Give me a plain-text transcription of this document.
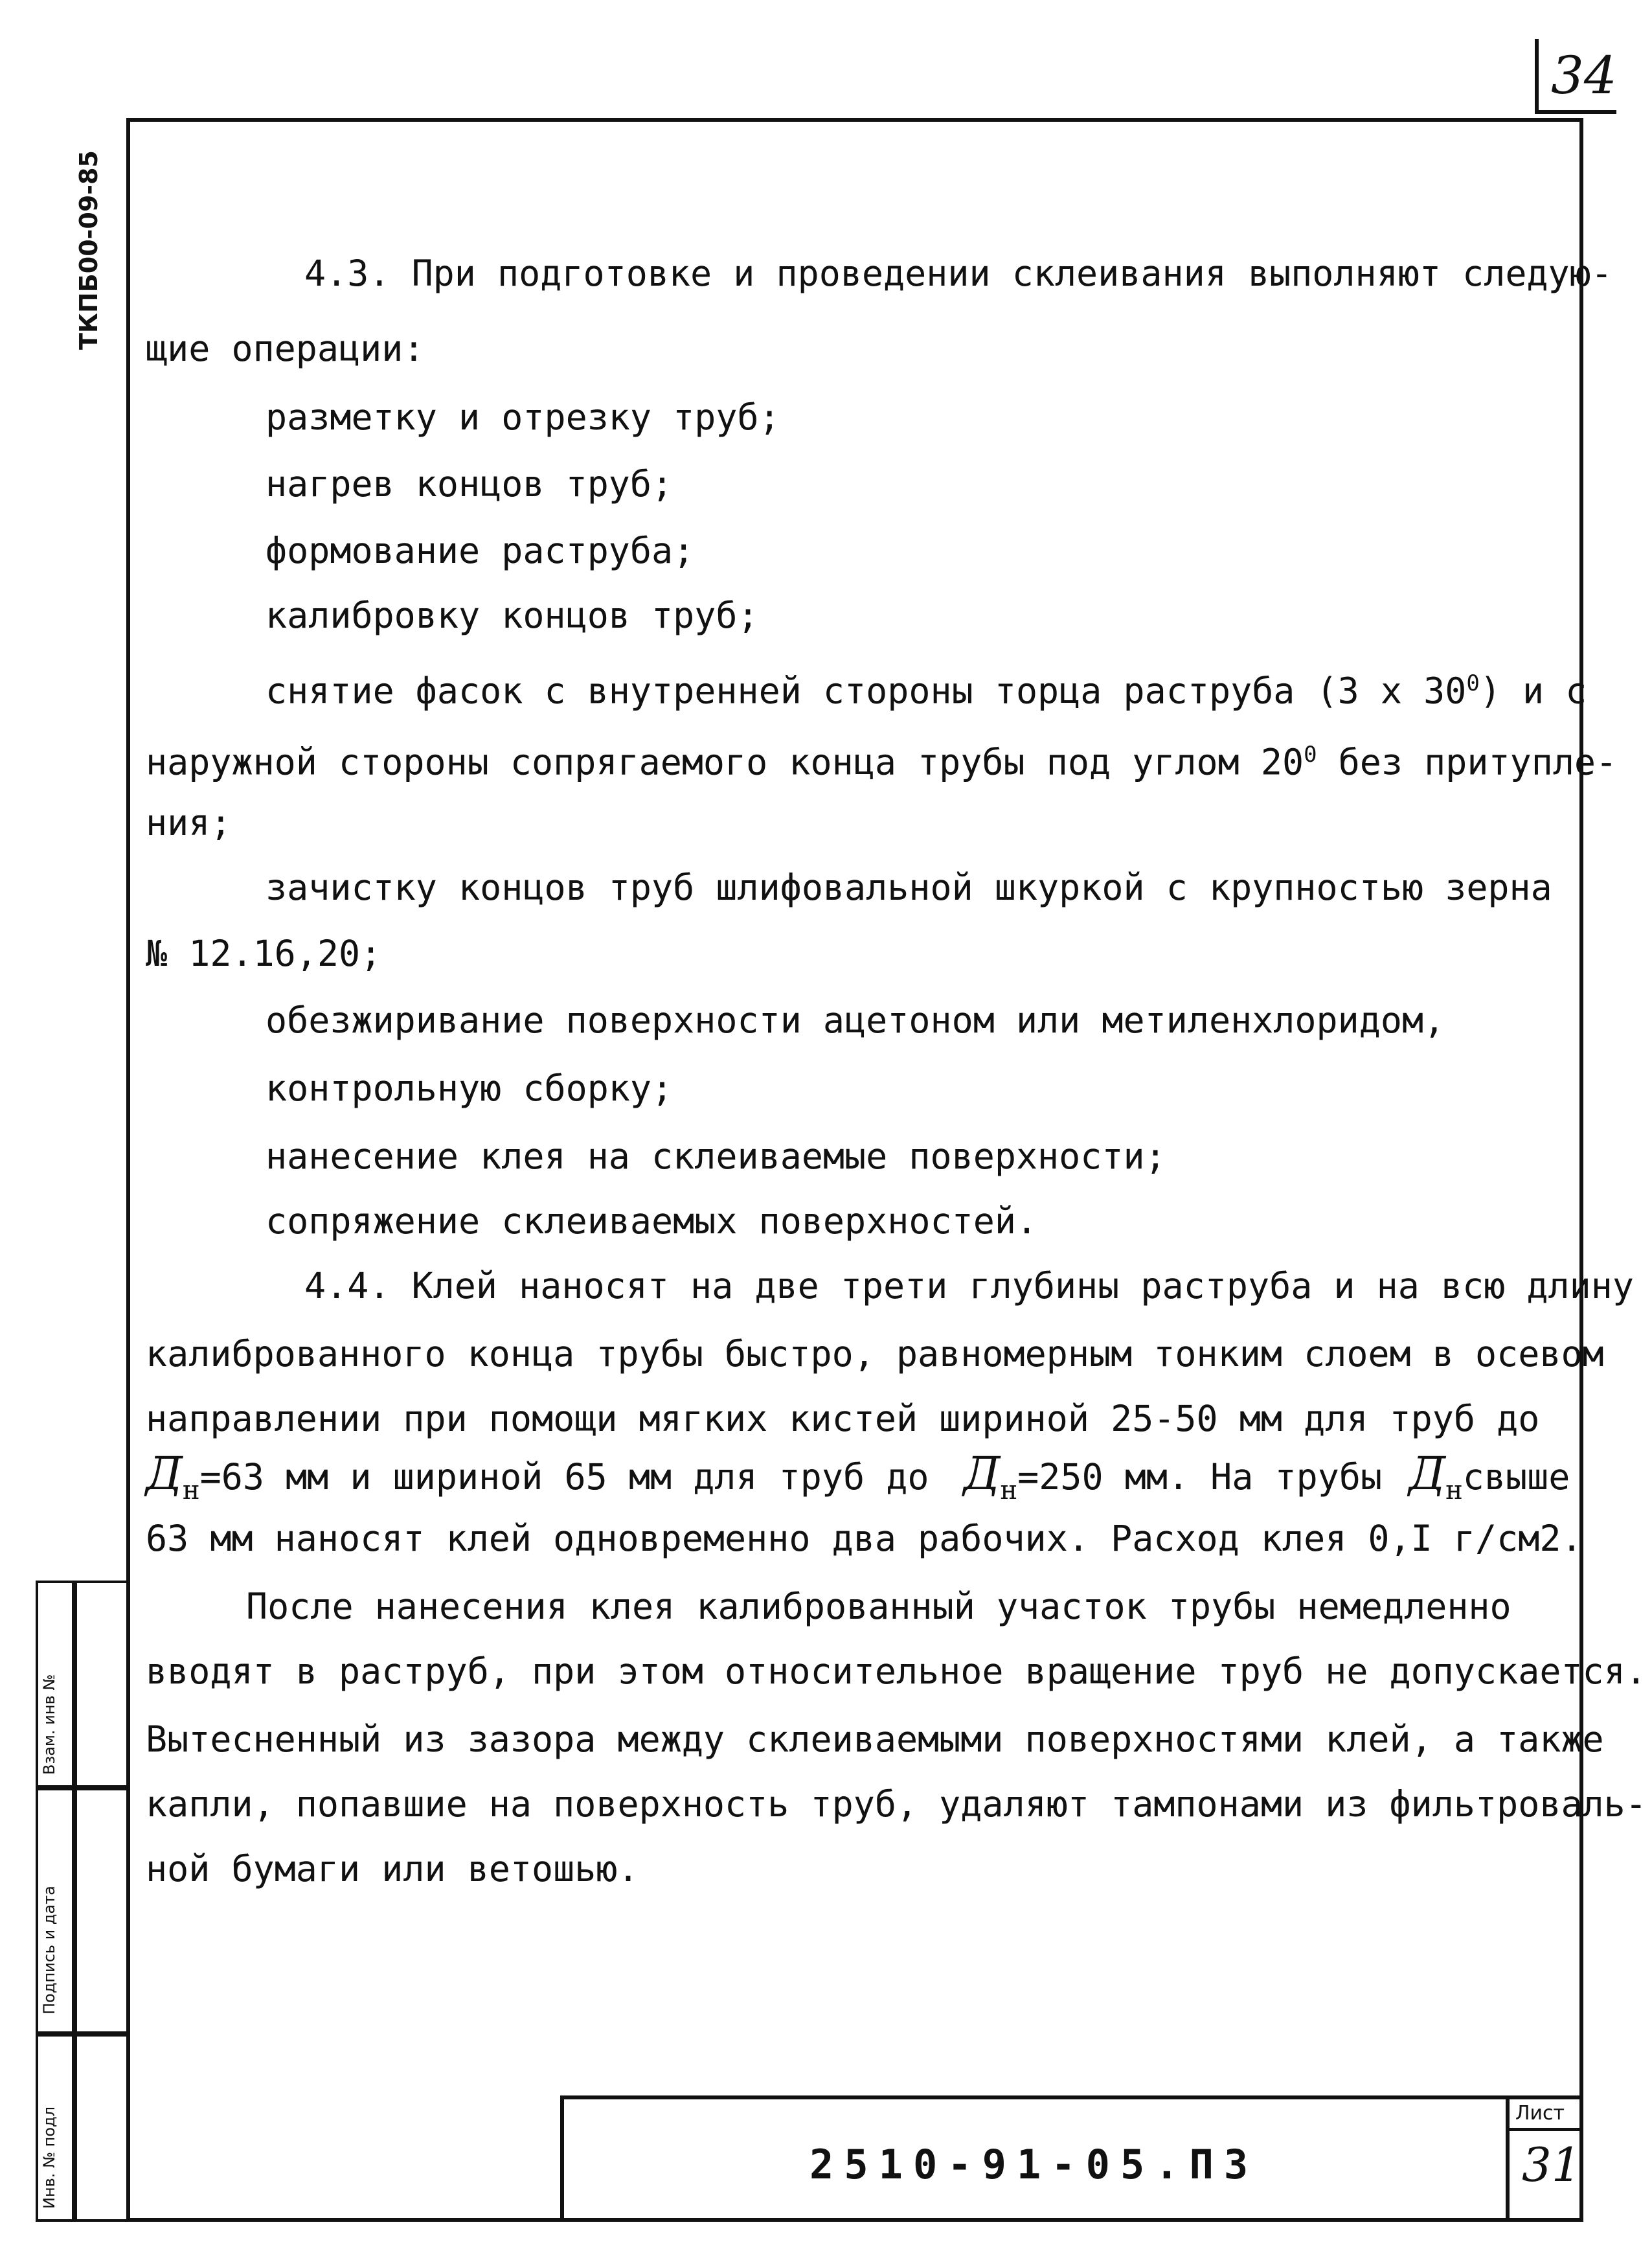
34
ТКПБ00-09-85
Взам. инв №
Подпись и дата
Инв. № подл
4.3. При подготовке и проведении склеивания выполняют следую-
щие операции:
разметку и отрезку труб;
нагрев концов труб;
формование раструба;
калибровку концов труб;
снятие фасок с внутренней стороны торца раструба (3 x $30^0$) и с
наружной стороны сопрягаемого конца трубы под углом $20^0$ без притупле-
ния;
зачистку концов труб шлифовальной шкуркой с крупностью зерна
№ 12.16,20;
обезжиривание поверхности ацетоном или метиленхлоридом,
контрольную сборку;
нанесение клея на склеиваемые поверхности;
сопряжение склеиваемых поверхностей.
4.4. Клей наносят на две трети глубины раструба и на всю длину
калиброванного конца трубы быстро, равномерным тонким слоем в осевом
направлении при помощи мягких кистей шириной 25-50 мм для труб до
$Д_н=63$ мм и шириной 65 мм для труб до $Д_н=250$ мм. На трубы $Д_нсвыше$
63 мм наносят клей одновременно два рабочих. Расход клея 0,I г/см2.
После нанесения клея калиброванный участок трубы немедленно
вводят в раструб, при этом относительное вращение труб не допускается.
Вытесненный из зазора между склеиваемыми поверхностями клей, а также
капли, попавшие на поверхность труб, удаляют тампонами из фильтроваль-
ной бумаги или ветошью.
2510-91-05.ПЗ
Лист
31
